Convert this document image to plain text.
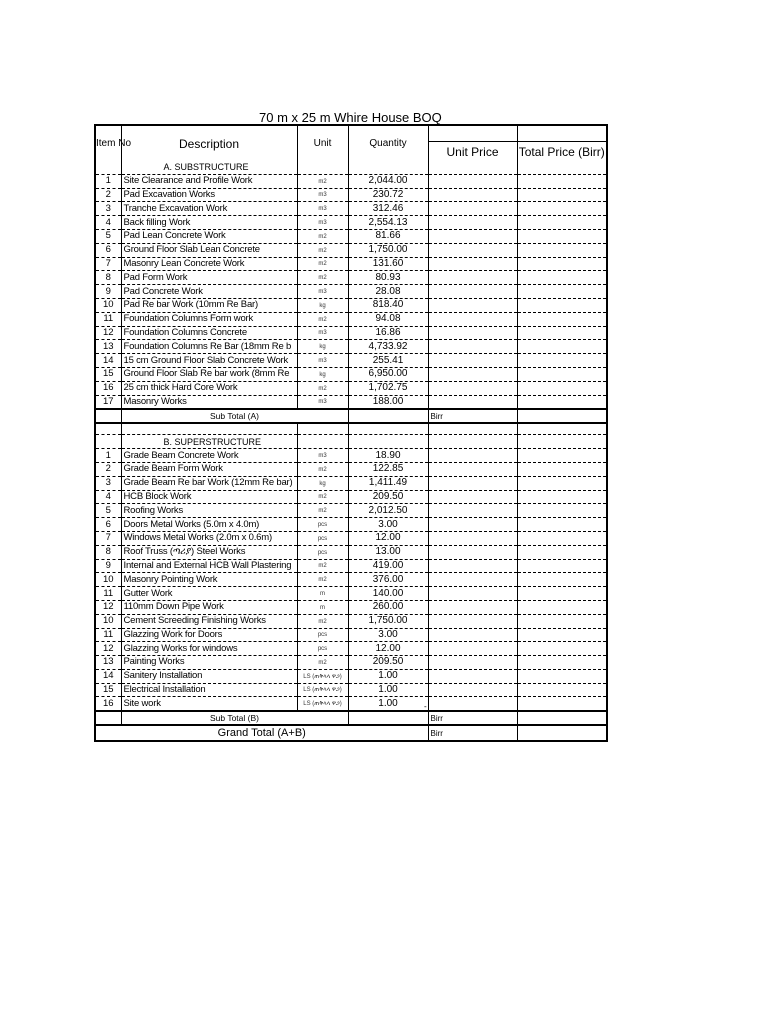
70 m x 25 m Whire House BOQ
Item No	Description	Unit	Quantity	Unit Price	Total Price (Birr)

	A. SUBSTRUCTURE				
1	Site Clearance and Profile Work	m2	2,044.00		
2	Pad Excavation Works	m3	230.72		
3	Tranche Excavation Work	m3	312.46		
4	Back filling Work	m3	2,554.13		
5	Pad Lean Concrete Work	m2	81.66		
6	Ground Floor Slab Lean Concrete	m2	1,750.00		
7	Masonry Lean Concrete Work	m2	131.60		
8	Pad Form Work	m2	80.93		
9	Pad Concrete Work	m3	28.08		
10	Pad Re bar Work (10mm Re Bar)	kg	818.40		
11	Foundation Columns Form work	m2	94.08		
12	Foundation Columns Concrete	m3	16.86		
13	Foundation Columns Re Bar (18mm Re b	kg	4,733.92		
14	15 cm Ground Floor Slab Concrete Work	m3	255.41		
15	Ground Floor Slab Re bar work (8mm Re	kg	6,950.00		
16	25 cm thick Hard Core Work	m2	1,702.75		
17	Masonry Works	m3	188.00		
	Sub Total (A)			Birr	

	B. SUPERSTRUCTURE				
1	Grade Beam Concrete Work	m3	18.90		
2	Grade Beam Form Work	m2	122.85		
3	Grade Beam Re bar Work (12mm Re bar)	kg	1,411.49		
4	HCB Block Work	m2	209.50		
5	Roofing Works	m2	2,012.50		
6	Doors Metal Works (5.0m x 4.0m)	pcs	3.00		
7	Windows Metal Works (2.0m x 0.6m)	pcs	12.00		
8	Roof Truss (ጣሪያ) Steel Works	pcs	13.00		
9	Internal and External HCB Wall Plastering	m2	419.00		
10	Masonry Pointing Work	m2	376.00		
11	Gutter Work	m	140.00		
12	110mm Down Pipe Work	m	260.00		
10	Cement Screeding Finishing Works	m2	1,750.00		
11	Glazzing Work for Doors	pcs	3.00		
12	Glazzing Works for windows	pcs	12.00		
13	Painting Works	m2	209.50		
14	Sanitery Installation	LS (ጠቅላላ ዋጋ)	1.00		
15	Electrical Installation	LS (ጠቅላላ ዋጋ)	1.00		
16	Site work	LS (ጠቅላላ ዋጋ)	1.00		
	Sub Total (B)			Birr	
Grand Total (A+B)				Birr	
-
